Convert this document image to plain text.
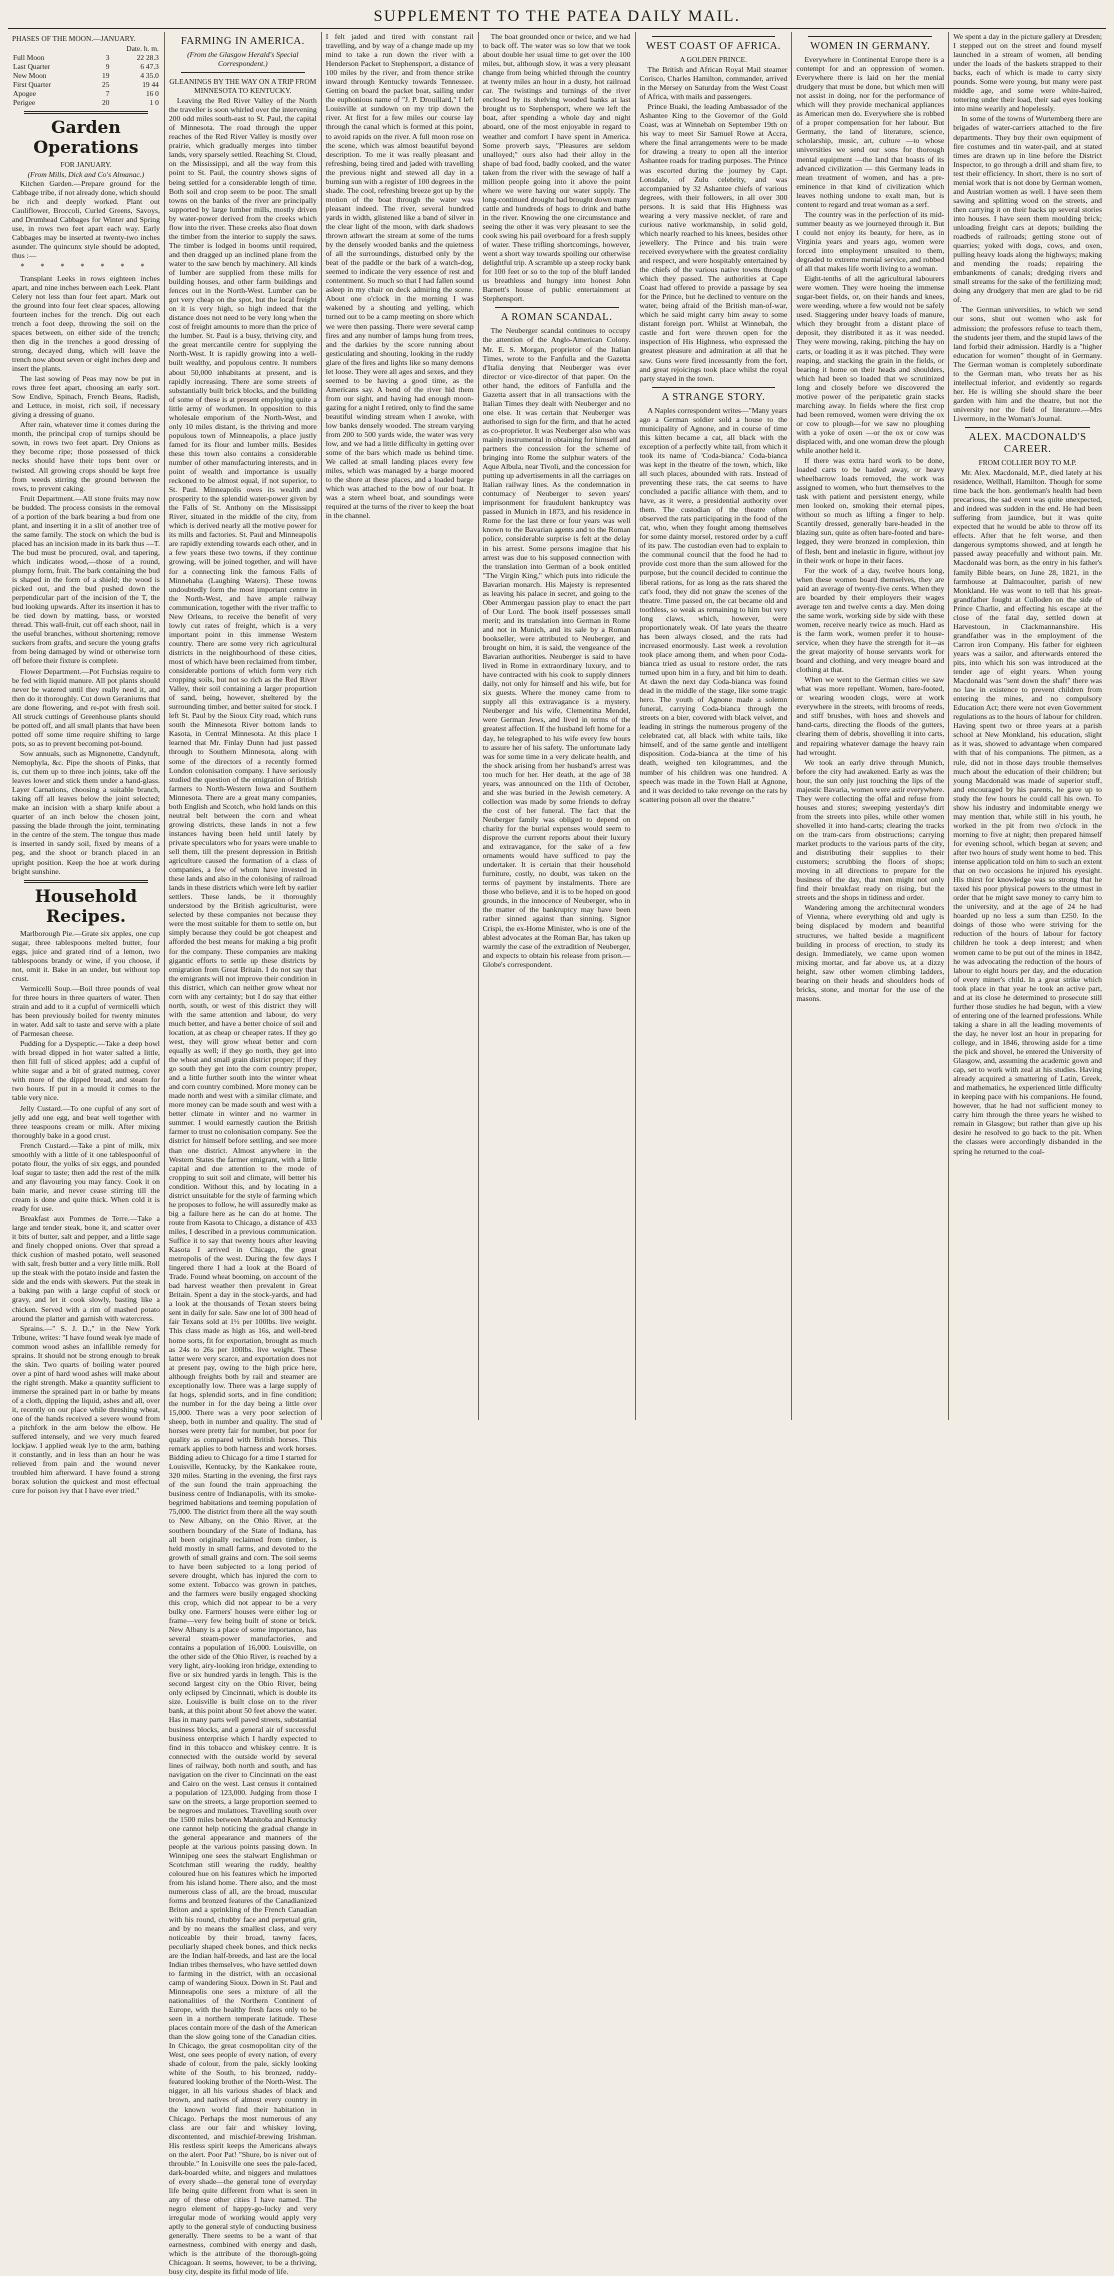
SUPPLEMENT TO THE PATEA DAILY MAIL.
PHASES OF THE MOON.—JANUARY.
	Date. h. m.	
Full Moon	3	22 28.3
Last Quarter	9	6 47.3
New Moon	19	4 35.0
First Quarter	25	19 44
Apogee	7	16 0
Perigee	20	1 0
Garden Operations
FOR JANUARY.
(From Mills, Dick and Co's Almanac.)

Kitchen Garden.—Prepare ground for the Cabbage tribe, if not already done, which should be rich and deeply worked. Plant out Cauliflower, Broccoli, Curled Greens, Savoys, and Drumhead Cabbages for Winter and Spring use, in rows two feet apart each way. Early Cabbages may be inserted at twenty-two inches asunder. The quincunx style should be adopted, thus :—

* * * * * * *

Transplant Leeks in rows eighteen inches apart, and nine inches between each Leek. Plant Celery not less than four feet apart. Mark out the ground into four feet clear spaces, allowing fourteen inches for the trench. Dig out each trench a foot deep, throwing the soil on the spaces between, on either side of the trench; then dig in the trenches a good dressing of strong, decayed dung, which will leave the trench now about seven or eight inches deep and insert the plants.

The last sowing of Peas may now be put in rows three feet apart, choosing an early sort. Sow Endive, Spinach, French Beans, Radish, and Lettuce, in moist, rich soil, if necessary giving a dressing of guano.

After rain, whatever time it comes during the month, the principal crop of turnips should be sown, in rows two feet apart. Dry Onions as they become ripe; those possessed of thick necks should have their tops bent over or twisted. All growing crops should be kept free from weeds stirring the ground between the rows, to prevent caking.

Fruit Department.—All stone fruits may now be budded. The process consists in the removal of a portion of the bark bearing a bud from one plant, and inserting it in a slit of another tree of the same family. The stock on which the bud is placed has an incision made in its bark thus —T. The bud must be procured, oval, and tapering, which indicates wood,—those of a round, plumpy form, fruit. The bark containing the bud is shaped in the form of a shield; the wood is picked out, and the bud pushed down the perpendicular part of the incision of the T, the bud looking upwards. After its insertion it has to be tied down by matting, bass, or worsted thread. This wall-fruit, cut off each shoot, nail in the useful branches, without shortening; remove suckers from grafts, and secure the young grafts from being damaged by wind or otherwise torn off before their fixture is complete.

Flower Department.—Pot Fuchsias require to be fed with liquid manure. All pot plants should never be watered until they really need it, and then do it thoroughly. Cut down Geraniums that are done flowering, and re-pot with fresh soil. All struck cuttings of Greenhouse plants should be potted off, and all small plants that have been potted off some time require shifting to large pots, so as to prevent becoming pot-bound.

Sow annuals, such as Mignonette, Candytuft, Nemophyla, &c. Pipe the shoots of Pinks, that is, cut them up to three inch joints, take off the leaves lower and stick them under a hand-glass. Layer Carnations, choosing a suitable branch, taking off all leaves below the joint selected; make an incision with a sharp knife about a quarter of an inch below the chosen joint, passing the blade through the joint, terminating in the centre of the stem. The tongue thus made is inserted in sandy soil, fixed by means of a peg, and the shoot or branch placed in an upright position. Keep the hoe at work during bright sunshine.

Household Recipes.

Marlborough Pie.—Grate six apples, one cup sugar, three tablespoons melted butter, four eggs, juice and grated rind of a lemon, two tablespoons brandy or wine, if you choose, if not, omit it. Bake in an under, but without top crust.

Vermicelli Soup.—Boil three pounds of veal for three hours in three quarters of water. Then strain and add to it a cupful of vermicelli which has been previously boiled for twenty minutes in water. Add salt to taste and serve with a plate of Parmesan cheese.

Pudding for a Dyspeptic.—Take a deep bowl with bread dipped in hot water salted a little, then fill full of sliced apples; add a cupful of white sugar and a bit of grated nutmeg, cover with more of the dipped bread, and steam for two hours. If put in a mould it comes to the table very nice.

Jelly Custard.—To one cupful of any sort of jelly add one egg, and beat well together with three teaspoons cream or milk. After mixing thoroughly bake in a good crust.

French Custard.—Take a pint of milk, mix smoothly with a little of it one tablespoonful of potato flour, the yolks of six eggs, and pounded loaf sugar to taste; then add the rest of the milk and any flavouring you may fancy. Cook it on bain marie, and never cease stirring till the cream is done and quite thick. When cold it is ready for use.

Breakfast aux Pommes de Terre.—Take a large and tender steak, bone it, and scatter over it bits of butter, salt and pepper, and a little sage and finely chopped onions. Over that spread a thick cushion of mashed potato, well seasoned with salt, fresh butter and a very little milk. Roll up the steak with the potato inside and fasten the side and the ends with skewers. Put the steak in a baking pan with a large cupful of stock or gravy, and let it cook slowly, basting like a chicken. Served with a rim of mashed potato around the platter and garnish with watercress.

Sprains.—" S. J. D.," in the New York Tribune, writes: "I have found weak lye made of common wood ashes an infallible remedy for sprains. It should not be strong enough to break the skin. Two quarts of boiling water poured over a pint of hard wood ashes will make about the right strength. Make a quantity sufficient to immerse the sprained part in or bathe by means of a cloth, dipping the liquid, ashes and all, over it, recently on our place while threshing wheat, one of the hands received a severe wound from a pitchfork in the arm below the elbow. He suffered intensely, and we very much feared lockjaw. I applied weak lye to the arm, bathing it constantly, and in less than an hour he was relieved from pain and the wound never troubled him afterward. I have found a strong borax solution the quickest and most effectual cure for poison ivy that I have ever tried."

FARMING IN AMERICA.
(From the Glasgow Herald's Special Correspondent.)
GLEANINGS BY THE WAY ON A TRIP FROM MINNESOTA TO KENTUCKY.

Leaving the Red River Valley of the North the traveller is soon whirled over the intervening 200 odd miles south-east to St. Paul, the capital of Minnesota. The road through the upper reaches of the Red River Valley is mostly over prairie, which gradually merges into timber lands, very sparsely settled. Reaching St. Cloud, on the Mississippi, and all the way from this point to St. Paul, the country shows signs of being settled for a considerable length of time. Both soil and crop seem to be poor. The small towns on the banks of the river are principally supported by large lumber mills, mostly driven by water-power derived from the creeks which flow into the river. These creeks also float down the timber from the interior to supply the saws. The timber is lodged in booms until required, and then dragged up an inclined plane from the water to the saw bench by machinery. All kinds of lumber are supplied from these mills for building houses, and other farm buildings and fences out in the North-West. Lumber can be got very cheap on the spot, but the local freight on it is very high, so high indeed that the distance does not need to be very long when the cost of freight amounts to more than the price of the lumber. St. Paul is a busy, thriving city, and the great mercantile centre for supplying the North-West. It is rapidly growing into a well-built wealthy, and populous centre. It numbers about 50,000 inhabitants at present, and is rapidly increasing. There are some streets of substantially built brick blocks, and the building of some of these is at present employing quite a little army of workmen. In opposition to this wholesale emporium of the North-West, and only 10 miles distant, is the thriving and more populous town of Minneapolis, a place justly famed for its flour and lumber mills. Besides these this town also contains a considerable number of other manufacturing interests, and in point of wealth and importance is usually reckoned to be almost equal, if not superior, to St. Paul. Minneapolis owes its wealth and prosperity to the splendid water-power given by the Falls of St. Anthony on the Mississippi River, situated in the middle of the city, from which is derived nearly all the motive power for its mills and factories. St. Paul and Minneapolis are rapidly extending towards each other, and in a few years these two towns, if they continue growing, will be joined together, and will have for a connecting link the famous Falls of Minnehaha (Laughing Waters). These towns undoubtedly form the most important centre in the North-West, and have ample railway communication, together with the river traffic to New Orleans, to receive the benefit of very lowly cut rates of freight, which is a very important point in this immense Western country. There are some very rich agricultural districts in the neighbourhood of these cities, most of which have been reclaimed from timber, considerable portions of which form very rich cropping soils, but not so rich as the Red River Valley, their soil containing a larger proportion of sand, being, however, sheltered by the surrounding timber, and better suited for stock. I left St. Paul by the Sioux City road, which runs south the Minnesota River bottom lands to Kasota, in Central Minnesota. At this place I learned that Mr. Finlay Dunn had just passed through to Southern Minnesota, along with some of the directors of a recently formed London colonisation company. I have seriously studied the question of the emigration of British farmers to North-Western Iowa and Southern Minnesota. There are a great many companies, both English and Scotch, who hold lands on this neutral belt between the corn and wheat growing districts, these lands in not a few instances having been held until lately by private speculators who for years were unable to sell them, till the present depression in British agriculture caused the formation of a class of companies, a few of whom have invested in these lands and also in the colonising of railroad lands in these districts which were left by earlier settlers. These lands, be it thoroughly understood by the British agriculturist, were selected by these companies not because they were the most suitable for them to settle on, but simply because they could be got cheapest and afforded the best means for making a big profit for the company. These companies are making gigantic efforts to settle up these districts by emigration from Great Britain. I do not say that the emigrants will not improve their condition in this district, which can neither grow wheat nor corn with any certainty; but I do say that either north, south, or west of this district they will with the same attention and labour, do very much better, and have a better choice of soil and location, at as cheap or cheaper rates. If they go west, they will grow wheat better and corn equally as well; if they go north, they get into the wheat and small grain district proper; if they go south they get into the corn country proper, and a little further south into the winter wheat and corn country combined. More money can be made north and west with a similar climate, and more money can be made south and west with a better climate in winter and no warmer in summer. I would earnestly caution the British farmer to trust no colonisation company. See the district for himself before settling, and see more than one district. Almost anywhere in the Western States the farmer emigrant, with a little capital and due attention to the mode of cropping to suit soil and climate, will better his condition. Without this, and by locating in a district unsuitable for the style of farming which he proposes to follow, he will assuredly make as big a failure here as he can do at home. The route from Kasota to Chicago, a distance of 433 miles, I described in a previous communication. Suffice it to say that twenty hours after leaving Kasota I arrived in Chicago, the great metropolis of the west. During the few days I lingered there I had a look at the Board of Trade. Found wheat booming, on account of the bad harvest weather then prevalent in Great Britain. Spent a day in the stock-yards, and had a look at the thousands of Texan steers being sent in daily for sale. Saw one lot of 300 head of fair Texans sold at 1½ per 100lbs. live weight. This class made as high as 16s, and well-bred home sorts, fit for exportation, brought as much as 24s to 26s per 100lbs. live weight. These latter were very scarce, and exportation does not at present pay, owing to the high price here, although freights both by rail and steamer are exceptionally low. There was a large supply of fat hogs, splendid sorts, and in fine condition; the number in for the day being a little over 15,000. There was a very poor selection of sheep, both in number and quality. The stud of horses were pretty fair for number, but poor for quality as compared with British horses. This remark applies to both harness and work horses. Bidding adieu to Chicago for a time I started for Louisville, Kentucky, by the Kankakee route, 320 miles. Starting in the evening, the first rays of the sun found the train approaching the business centre of Indianapolis, with its smoke-begrimed habitations and teeming population of 75,000. The district from there all the way south to New Albany, on the Ohio River, at the southern boundary of the State of Indiana, has all been originally reclaimed from timber, is held mostly in small farms, and devoted to the growth of small grains and corn. The soil seems to have been subjected to a long period of severe drought, which has injured the corn to some extent. Tobacco was grown in patches, and the farmers were busily engaged shocking this crop, which did not appear to be a very bulky one. Farmers' houses were either log or frame—very few being built of stone or brick. New Albany is a place of some importance, has several steam-power manufactories, and contains a population of 16,000. Louisville, on the other side of the Ohio River, is reached by a very light, airy-looking iron bridge, extending to five or six hundred yards in length. This is the second largest city on the Ohio River, being only eclipsed by Cincinnati, which is double its size. Louisville is built close on to the river bank, at this point about 50 feet above the water. Has in many parts well paved streets, substantial business blocks, and a general air of successful business enterprise which I hardly expected to find in this tobacco and whiskey centre. It is connected with the outside world by several lines of railway, both north and south, and has navigation on the river to Cincinnati on the east and Cairo on the west. Last census it contained a population of 123,000. Judging from those I saw on the streets, a large proportion seemed to be negroes and mulattoes. Travelling south over the 1500 miles between Manitoba and Kentucky one cannot help noticing the gradual change in the general appearance and manners of the people at the various points passing down. In Winnipeg one sees the stalwart Englishman or Scotchman still wearing the ruddy, healthy coloured hue on his features which he imported from his island home. There also, and the most numerous class of all, are the broad, muscular forms and bronzed features of the Canadianized Briton and a sprinkling of the French Canadian with his round, chubby face and perpetual grin, and by no means the smallest class, and very noticeable by their broad, tawny faces, peculiarly shaped cheek bones, and thick necks are the Indian half-breeds, and last are the local Indian tribes themselves, who have settled down to farming in the district, with an occasional camp of wandering Sioux. Down in St. Paul and Minneapolis one sees a mixture of all the nationalities of the Northern Continent of Europe, with the healthy fresh faces only to be seen in a northern temperate latitude. These places contain more of the dash of the American than the slow going tone of the Canadian cities. In Chicago, the great cosmopolitan city of the West, one sees people of every nation, of every shade of colour, from the pale, sickly looking white of the South, to his bronzed, ruddy-featured looking brother of the North-West. The nigger, in all his various shades of black and brown, and natives of almost every country in the known world find their habitation in Chicago. Perhaps the most numerous of any class are our fair and whiskey loving, discontented, and mischief-brewing Irishman. His restless spirit keeps the Americans always on the alert. Poor Pat! "Shure, bo is niver out of throuble." In Louisville one sees the pale-faced, dark-boarded white, and niggers and mulattoes of every shade—the general tone of everyday life being quite different from what is seen in any of these other cities I have named. The negro element of happy-go-lucky and very irregular mode of working would apply very aptly to the general style of conducting business generally. There seems to be a want of that earnestness, combined with energy and dash, which is the attribute of the thorough-going Chicagoan. It seems, however, to be a thriving, busy city, despite its fitful mode of life.

I felt jaded and tired with constant rail travelling, and by way of a change made up my mind to take a run down the river with a Henderson Packet to Stephensport, a distance of 100 miles by the river, and from thence strike inward through Kentucky towards Tennessee. Getting on board the packet boat, sailing under the euphonious name of "J. P. Drouillard," I left Louisville at sundown on my trip down the river. At first for a few miles our course lay through the canal which is formed at this point, to avoid rapids on the river. A full moon rose on the scene, which was almost beautiful beyond description. To me it was really pleasant and refreshing, being tired and jaded with travelling the previous night and stewed all day in a burning sun with a register of 100 degrees in the shade. The cool, refreshing breeze got up by the motion of the boat through the water was pleasant indeed. The river, several hundred yards in width, glistened like a band of silver in the clear light of the moon, with dark shadows thrown athwart the stream at some of the turns by the densely wooded banks and the quietness of all the surroundings, disturbed only by the beat of the paddle or the bark of a watch-dog, seemed to indicate the very essence of rest and contentment. So much so that I had fallen sound asleep in my chair on deck admiring the scene. About one o'clock in the morning I was wakened by a shouting and yelling, which turned out to be a camp meeting on shore which we were then passing. There were several camp fires and any number of lamps hung from trees, and the darkies by the score running about gesticulating and shouting, looking in the ruddy glare of the fires and lights like so many demons let loose. They were all ages and sexes, and they seemed to be having a good time, as the Americans say. A bend of the river hid them from our sight, and having had enough moon-gazing for a night I retired, only to find the same beautiful winding stream when I awoke, with low banks densely wooded. The stream varying from 200 to 500 yards wide, the water was very low, and we had a little difficulty in getting over some of the bars which made us behind time. We called at small landing places every few miles, which was managed by a barge moored to the shore at these places, and a loaded barge which was attached to the bow of our boat. It was a stern wheel boat, and soundings were required at the turns of the river to keep the boat in the channel.

The boat grounded once or twice, and we had to back off. The water was so low that we took about double her usual time to get over the 100 miles, but, although slow, it was a very pleasant change from being whirled through the country at twenty miles an hour in a dusty, hot railroad car. The twistings and turnings of the river enclosed by its shelving wooded banks at last brought us to Stephensport, where we left the boat, after spending a whole day and night aboard, one of the most enjoyable in regard to weather and comfort I have spent in America. Some proverb says, "Pleasures are seldom unalloyed;" ours also had their alloy in the shape of bad food, badly cooked, and the water taken from the river with the sewage of half a million people going into it above the point where we were having our water supply. The long-continued drought had brought down many cattle and hundreds of hogs to drink and bathe in the river. Knowing the one circumstance and seeing the other it was very pleasant to see the cook swing his pail overboard for a fresh supply of water. These trifling shortcomings, however, went a short way towards spoiling our otherwise delightful trip. A scramble up a steep rocky bank for 100 feet or so to the top of the bluff landed us breathless and hungry into honest John Barnett's house of public entertainment at Stephensport.

A ROMAN SCANDAL.

The Neuberger scandal continues to occupy the attention of the Anglo-American Colony. Mr. E. S. Morgan, proprietor of the Italian Times, wrote to the Fanfulla and the Gazetta d'Italia denying that Neuberger was ever director or vice-director of that paper. On the other hand, the editors of Fanfulla and the Gazetta assert that in all transactions with the Italian Times they dealt with Neuberger and no one else. It was certain that Neuberger was authorised to sign for the firm, and that he acted as co-proprietor. It was Neuberger also who was mainly instrumental in obtaining for himself and partners the concession for the scheme of bringing into Rome the sulphur waters of the Aque Albula, near Tivoli, and the concession for putting up advertisements in all the carriages on Italian railway lines. As the condemnation in contumacy of Neuberger to seven years' imprisonment for fraudulent bankruptcy was passed in Munich in 1873, and his residence in Rome for the last three or four years was well known to the Bavarian agents and to the Roman police, considerable surprise is felt at the delay in his arrest. Some persons imagine that his arrest was due to his supposed connection with the translation into German of a book entitled "The Virgin King," which puts into ridicule the Bavarian monarch. His Majesty is represented as leaving his palace in secret, and going to the Ober Ammergau passion play to enact the part of Our Lord. The book itself possesses small merit; and its translation into German in Rome and not in Munich, and its sale by a Roman bookseller, were attributed to Neuberger, and brought on him, it is said, the vengeance of the Bavarian authorities. Neuberger is said to have lived in Rome in extraordinary luxury, and to have contracted with his cook to supply dinners daily, not only for himself and his wife, but for six guests. Where the money came from to supply all this extravagance is a mystery. Neuberger and his wife, Clementina Mendel, were German Jews, and lived in terms of the greatest affection. If the husband left home for a day, he telegraphed to his wife every few hours to assure her of his safety. The unfortunate lady was for some time in a very delicate health, and the shock arising from her husband's arrest was too much for her. Her death, at the age of 38 years, was announced on the 11th of October, and she was buried in the Jewish cemetery. A collection was made by some friends to defray the cost of her funeral. The fact that the Neuberger family was obliged to depend on charity for the burial expenses would seem to disprove the current reports about their luxury and extravagance, for the sake of a few ornaments would have sufficed to pay the undertaker. It is certain that their household furniture, costly, no doubt, was taken on the terms of payment by instalments. There are those who believe, and it is to be hoped on good grounds, in the innocence of Neuberger, who in the matter of the bankruptcy may have been rather sinned against than sinning. Signor Crispi, the ex-Home Minister, who is one of the ablest advocates at the Roman Bar, has taken up warmly the case of the extradition of Neuberger, and expects to obtain his release from prison.—Globe's correspondent.

WEST COAST OF AFRICA.
A GOLDEN PRINCE.

The British and African Royal Mail steamer Corisco, Charles Hamilton, commander, arrived in the Mersey on Saturday from the West Coast of Africa, with mails and passengers.

Prince Buaki, the leading Ambassador of the Ashantee King to the Governor of the Gold Coast, was at Winnebah on September 19th on his way to meet Sir Samuel Rowe at Accra, where the final arrangements were to be made for drawing a treaty to open all the interior Ashantee roads for trading purposes. The Prince was escorted during the journey by Capt. Lonsdale, of Zulu celebrity, and was accompanied by 32 Ashantee chiefs of various degrees, with their followers, in all over 300 persons. It is said that His Highness was wearing a very massive necklet, of rare and curious native workmanship, in solid gold, which nearly reached to his knees, besides other jewellery. The Prince and his train were received everywhere with the greatest cordiality and respect, and were hospitably entertained by the chiefs of the various native towns through which they passed. The authorities at Cape Coast had offered to provide a passage by sea for the Prince, but he declined to venture on the water, being afraid of the British man-of-war, which he said might carry him away to some distant foreign port. Whilst at Winnebah, the castle and fort were thrown open for the inspection of His Highness, who expressed the greatest pleasure and admiration at all that he saw. Guns were fired incessantly from the fort, and great rejoicings took place whilst the royal party stayed in the town.

A STRANGE STORY.

A Naples correspondent writes—"Many years ago a German soldier sold a house to the municipality of Agnone, and in course of time this kitten became a cat, all black with the exception of a perfectly white tail, from which it took its name of 'Coda-bianca.' Coda-bianca was kept in the theatre of the town, which, like all such places, abounded with rats. Instead of preventing these rats, the cat seems to have concluded a pacific alliance with them, and to have, as it were, a presidential authority over them. The custodian of the theatre often observed the rats participating in the food of the cat, who, when they fought among themselves for some dainty morsel, restored order by a cuff of its paw. The custodian even had to explain to the communal council that the food he had to provide cost more than the sum allowed for the purpose, but the council decided to continue the liberal rations, for as long as the rats shared the cat's food, they did not gnaw the scenes of the theatre. Time passed on, the cat became old and toothless, so weak as remaining to him but very long claws, which, however, were proportionately weak. Of late years the theatre has been always closed, and the rats had increased enormously. Last week a revolution took place among them, and when poor Coda-bianca tried as usual to restore order, the rats turned upon him in a fury, and bit him to death. At dawn the next day Coda-bianca was found dead in the middle of the stage, like some tragic hero. The youth of Agnone made a solemn funeral, carrying Coda-bianca through the streets on a bier, covered with black velvet, and leading in strings the numerous progeny of the celebrated cat, all black with white tails, like himself, and of the same gentle and intelligent disposition. Coda-bianca at the time of his death, weighed ten kilogrammes, and the number of his children was one hundred. A speech was made in the Town Hall at Agnone, and it was decided to take revenge on the rats by scattering poison all over the theatre."

WOMEN IN GERMANY.

Everywhere in Continental Europe there is a contempt for and an oppression of women. Everywhere there is laid on her the menial drudgery that must be done, but which men will not assist in doing, nor for the performance of which will they provide mechanical appliances as American men do. Everywhere she is robbed of a proper compensation for her labour. But Germany, the land of literature, science, scholarship, music, art, culture —to whose universities we send our sons for thorough mental equipment —the land that boasts of its advanced civilization — this Germany leads in mean treatment of women, and has a pre-eminence in that kind of civilization which leaves nothing undone to exalt man, but is content to regard and treat woman as a serf.

The country was in the perfection of its mid-summer beauty as we journeyed through it. But I could not enjoy its beauty, for here, as in Virginia years and years ago, women were forced into employment unsuited to them, degraded to extreme menial service, and robbed of all that makes life worth living to a woman.

Eight-tenths of all the agricultural labourers were women. They were hoeing the immense sugar-beet fields, or, on their hands and knees, were weeding, where a few would not be safely used. Staggering under heavy loads of manure, which they brought from a distant place of deposit, they distributed it as it was needed. They were mowing, raking, pitching the hay on carts, or loading it as it was pitched. They were reaping, and stacking the grain in the fields, or bearing it home on their heads and shoulders, which had been so loaded that we scrutinized long and closely before we discovered the motive power of the peripatetic grain stacks marching away. In fields where the first crop had been removed, women were driving the ox or cow to plough—for we saw no ploughing with a yoke of oxen —or the ox or cow was displaced with, and one woman drew the plough while another held it.

If there was extra hard work to be done, loaded carts to be hauled away, or heavy wheelbarrow loads removed, the work was assigned to women, who hurt themselves to the task with patient and persistent energy, while men looked on, smoking their eternal pipes, without so much as lifting a finger to help. Scantily dressed, generally bare-headed in the blazing sun, quite as often bare-footed and bare-legged, they were bronzed in complexion, thin of flesh, bent and inelastic in figure, without joy in their work or hope in their faces.

For the work of a day, twelve hours long, when these women board themselves, they are paid an average of twenty-five cents. When they are boarded by their employers their wages average ten and twelve cents a day. Men doing the same work, working side by side with these women, receive nearly twice as much. Hard as is the farm work, women prefer it to house-service, when they have the strength for it—as the great majority of house servants work for board and clothing, and very meagre board and clothing at that.

When we went to the German cities we saw what was more repellant. Women, bare-footed, or wearing wooden clogs, were at work everywhere in the streets, with brooms of reeds, and stiff brushes, with hoes and shovels and hand-carts, directing the floods of the gutters, clearing them of debris, shovelling it into carts, and repairing whatever damage the heavy rain had wrought.

We took an early drive through Munich, before the city had awakened. Early as was the hour, the sun only just touching the lips of the majestic Bavaria, women were astir everywhere. They were collecting the offal and refuse from houses and stores; sweeping yesterday's dirt from the streets into piles, while other women shovelled it into hand-carts; clearing the tracks on the tram-cars from obstructions; carrying market products to the various parts of the city, and distributing their supplies to their customers; scrubbing the floors of shops; moving in all directions to prepare for the business of the day, that men might not only find their breakfast ready on rising, but the streets and the shops in tidiness and order.

Wandering among the architectural wonders of Vienna, where everything old and ugly is being displaced by modern and beautiful structures, we halted beside a magnificent building in process of erection, to study its design. Immediately, we came upon women mixing mortar, and far above us, at a dizzy height, saw other women climbing ladders, bearing on their heads and shoulders hods of bricks, stone, and mortar for the use of the masons.

We spent a day in the picture gallery at Dresden; I stepped out on the street and found myself launched in a stream of women, all bending under the loads of the baskets strapped to their backs, each of which is made to carry sixty pounds. Some were young, but many were past middle age, and some were white-haired, tottering under their load, their sad eyes looking into mine wearily and hopelessly.

In some of the towns of Wurtemberg there are brigades of water-carriers attached to the fire departments. They buy their own equipment of fire costumes and tin water-pail, and at stated times are drawn up in line before the District Inspector, to go through a drill and sham fire, to test their efficiency. In short, there is no sort of menial work that is not done by German women, and Austrian women as well. I have seen them sawing and splitting wood on the streets, and then carrying it on their backs up several stories into houses. I have seen them moulding brick; unloading freight cars at depots; building the roadbeds of railroads; getting stone out of quarries; yoked with dogs, cows, and oxen, pulling heavy loads along the highways; making and mending the roads; repairing the embankments of canals; dredging rivers and small streams for the sake of the fertilizing mud; doing any drudgery that men are glad to be rid of.

The German universities, to which we send our sons, shut out women who ask for admission; the professors refuse to teach them, the students jeer them, and the stupid laws of the land forbid their admission. Hardly is a "higher education for women" thought of in Germany. The German woman is completely subordinate to the German man, who treats her as his intellectual inferior, and evidently so regards her. He is willing she should share the beer garden with him and the theatre, but not the university nor the field of literature.—Mrs Livermore, in the Woman's Journal.

ALEX. MACDONALD'S CAREER.
FROM COLLIER BOY TO M.P.

Mr. Alex. Macdonald, M.P., died lately at his residence, Wellhall, Hamilton. Though for some time back the hon. gentleman's health had been precarious, the sad event was quite unexpected, and indeed was sudden in the end. He had been suffering from jaundice, but it was quite expected that he would be able to throw off its effects. After that he felt worse, and then dangerous symptoms showed, and at length he passed away peacefully and without pain. Mr. Macdonald was born, as the entry in his father's family Bible bears, on June 28, 1821, in the farmhouse at Dalmacoulter, parish of new Monkland. He was wont to tell that his great-grandfather fought at Culloden on the side of Prince Charlie, and effecting his escape at the close of the fatal day, settled down at Harvestoun, in Clackmannanshire. His grandfather was in the employment of the Carron iron Company. His father for eighteen years was a sailor, and afterwards entered the pits, into which his son was introduced at the tender age of eight years. When young Macdonald was "sent down the shaft" there was no law in existence to prevent children from entering the mines, and no compulsory Education Act; there were not even Government regulations as to the hours of labour for children. Having spent two or three years at a parish school at New Monkland, his education, slight as it was, showed to advantage when compared with that of his companions. The pitmen, as a rule, did not in those days trouble themselves much about the education of their children; but young Macdonald was made of superior stuff, and encouraged by his parents, he gave up to study the few hours he could call his own. To show his industry and indomitable energy we may mention that, while still in his youth, he worked in the pit from two o'clock in the morning to five at night; then prepared himself for evening school, which began at seven; and after two hours of study went home to bed. This intense application told on him to such an extent that on two occasions he injured his eyesight. His thirst for knowledge was so strong that he taxed his poor physical powers to the utmost in order that he might save money to carry him to the university, and at the age of 24 he had hoarded up no less a sum than £250. In the doings of those who were striving for the reduction of the hours of labour for factory children he took a deep interest; and when women came to be put out of the mines in 1842, he was advocating the reduction of the hours of labour to eight hours per day, and the education of every miner's child. In a great strike which took place in that year he took an active part, and at its close he determined to prosecute still further those studies he had begun, with a view of entering one of the learned professions. While taking a share in all the leading movements of the day, he never lost an hour in preparing for college, and in 1846, throwing aside for a time the pick and shovel, he entered the University of Glasgow, and, assuming the academic gown and cap, set to work with zeal at his studies. Having already acquired a smattering of Latin, Greek, and mathematics, he experienced little difficulty in keeping pace with his companions. He found, however, that he had not sufficient money to carry him through the three years he wished to remain in Glasgow; but rather than give up his desire he resolved to go back to the pit. When the classes were accordingly disbanded in the spring he returned to the coal-
